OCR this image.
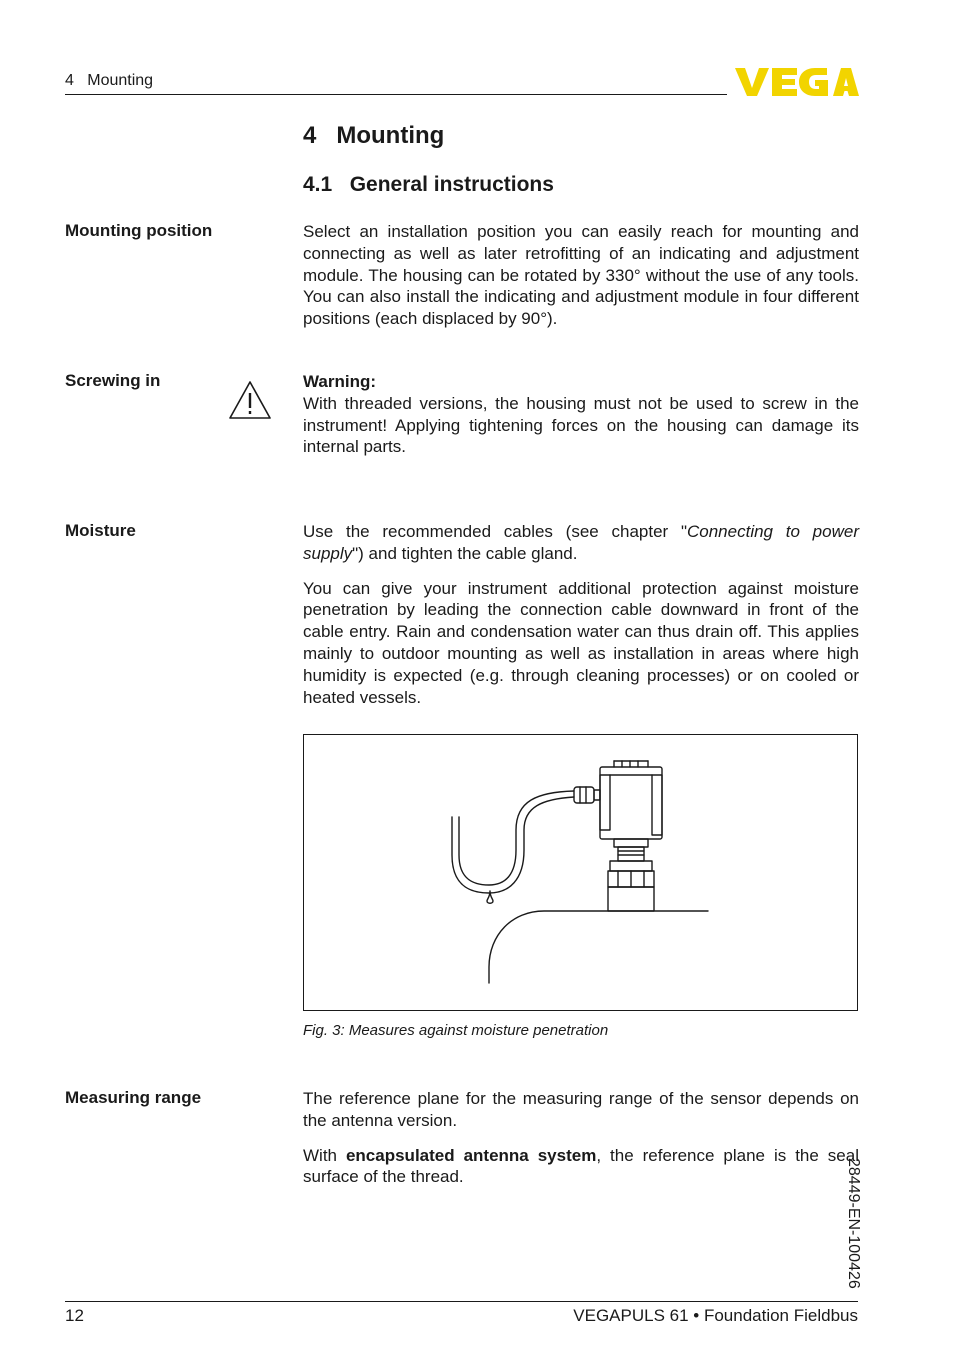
4   Mounting
4   Mounting
4.1   General instructions
Mounting position	Select an installation position you can easily reach for mounting and connecting as well as later retrofitting of an indicating and adjustment module. The housing can be rotated by 330° without the use of any tools. You can also install the indicating and adjustment module in four different positions (each displaced by 90°).

Screwing in	Warning:
With threaded versions, the housing must not be used to screw in the instrument! Applying tightening forces on the housing can damage its internal parts.

Moisture	Use the recommended cables (see chapter "Connecting to power supply") and tighten the cable gland.

You can give your instrument additional protection against moisture penetration by leading the connection cable downward in front of the cable entry. Rain and condensation water can thus drain off. This applies mainly to outdoor mounting as well as installation in areas where high humidity is expected (e.g. through cleaning processes) or on cooled or heated vessels.

Fig. 3: Measures against moisture penetration
Measuring range	The reference plane for the measuring range of the sensor depends on the antenna version.

With encapsulated antenna system, the reference plane is the seal surface of the thread.	28449-EN-100426
12	VEGAPULS 61 • Foundation Fieldbus
